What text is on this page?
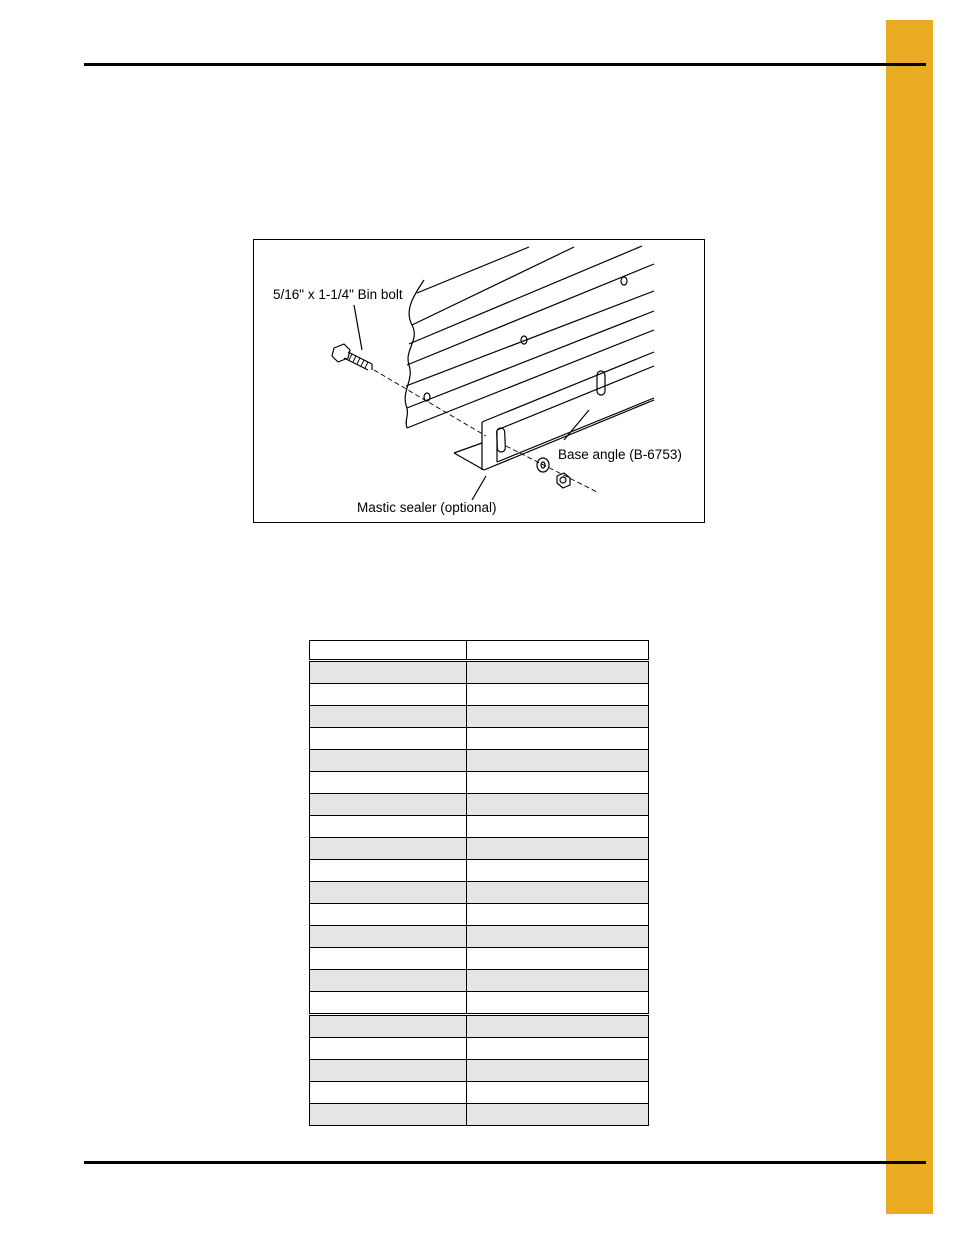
5/16" x 1-1/4" Bin bolt
Base angle (B-6753)
Mastic sealer (optional)
